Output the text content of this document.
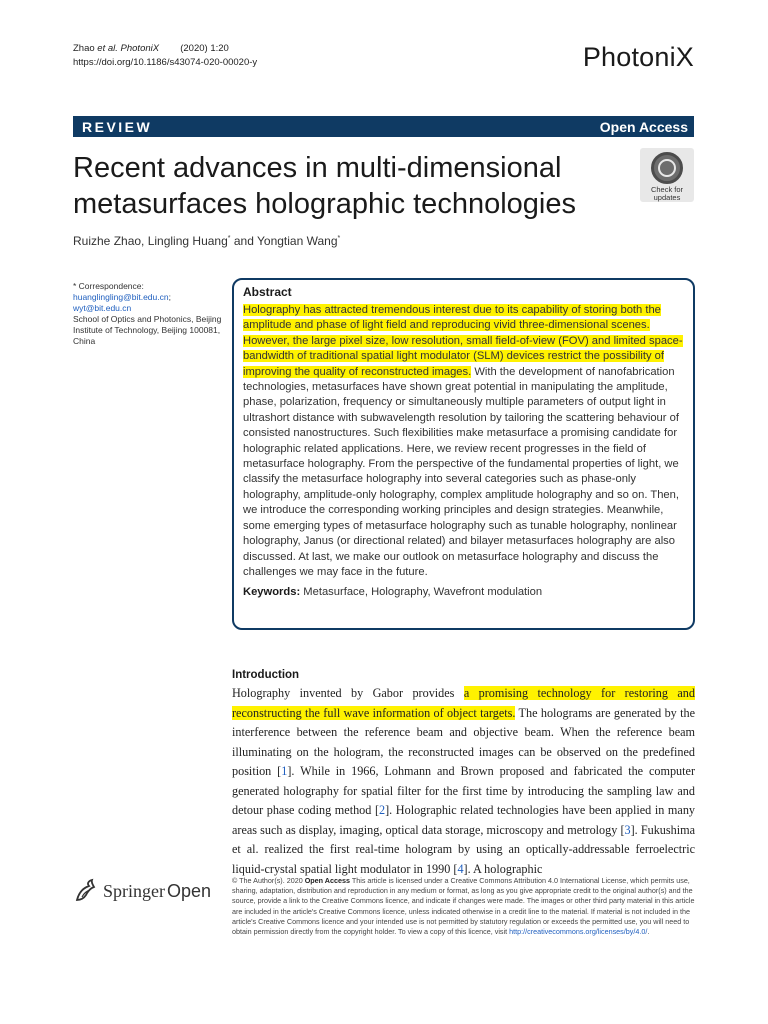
Zhao et al. PhotoniX (2020) 1:20
https://doi.org/10.1186/s43074-020-00020-y	PhotoniX
REVIEW	Open Access
Recent advances in multi-dimensional metasurfaces holographic technologies	Check for
updates
Ruizhe Zhao, Lingling Huang* and Yongtian Wang*
* Correspondence: huanglingling@bit.edu.cn; wyt@bit.edu.cn
School of Optics and Photonics, Beijing Institute of Technology, Beijing 100081, China
Abstract
Holography has attracted tremendous interest due to its capability of storing both the amplitude and phase of light field and reproducing vivid three-dimensional scenes. However, the large pixel size, low resolution, small field-of-view (FOV) and limited space-bandwidth of traditional spatial light modulator (SLM) devices restrict the possibility of improving the quality of reconstructed images. With the development of nanofabrication technologies, metasurfaces have shown great potential in manipulating the amplitude, phase, polarization, frequency or simultaneously multiple parameters of output light in ultrashort distance with subwavelength resolution by tailoring the scattering behaviour of consisted nanostructures. Such flexibilities make metasurface a promising candidate for holographic related applications. Here, we review recent progresses in the field of metasurface holography. From the perspective of the fundamental properties of light, we classify the metasurface holography into several categories such as phase-only holography, amplitude-only holography, complex amplitude holography and so on. Then, we introduce the corresponding working principles and design strategies. Meanwhile, some emerging types of metasurface holography such as tunable holography, nonlinear holography, Janus (or directional related) and bilayer metasurfaces holography are also discussed. At last, we make our outlook on metasurface holography and discuss the challenges we may face in the future.
Keywords: Metasurface, Holography, Wavefront modulation
Introduction
Holography invented by Gabor provides a promising technology for restoring and reconstructing the full wave information of object targets. The holograms are generated by the interference between the reference beam and objective beam. When the reference beam illuminating on the hologram, the reconstructed images can be observed on the predefined position [1]. While in 1966, Lohmann and Brown proposed and fabricated the computer generated holography for spatial filter for the first time by introducing the sampling law and detour phase coding method [2]. Holographic related technologies have been applied in many areas such as display, imaging, optical data storage, microscopy and metrology [3]. Fukushima et al. realized the first real-time hologram by using an optically-addressable ferroelectric liquid-crystal spatial light modulator in 1990 [4]. A holographic
Springer Open	© The Author(s). 2020 Open Access This article is licensed under a Creative Commons Attribution 4.0 International License, which permits use, sharing, adaptation, distribution and reproduction in any medium or format, as long as you give appropriate credit to the original author(s) and the source, provide a link to the Creative Commons licence, and indicate if changes were made. The images or other third party material in this article are included in the article's Creative Commons licence, unless indicated otherwise in a credit line to the material. If material is not included in the article's Creative Commons licence and your intended use is not permitted by statutory regulation or exceeds the permitted use, you will need to obtain permission directly from the copyright holder. To view a copy of this licence, visit http://creativecommons.org/licenses/by/4.0/.
